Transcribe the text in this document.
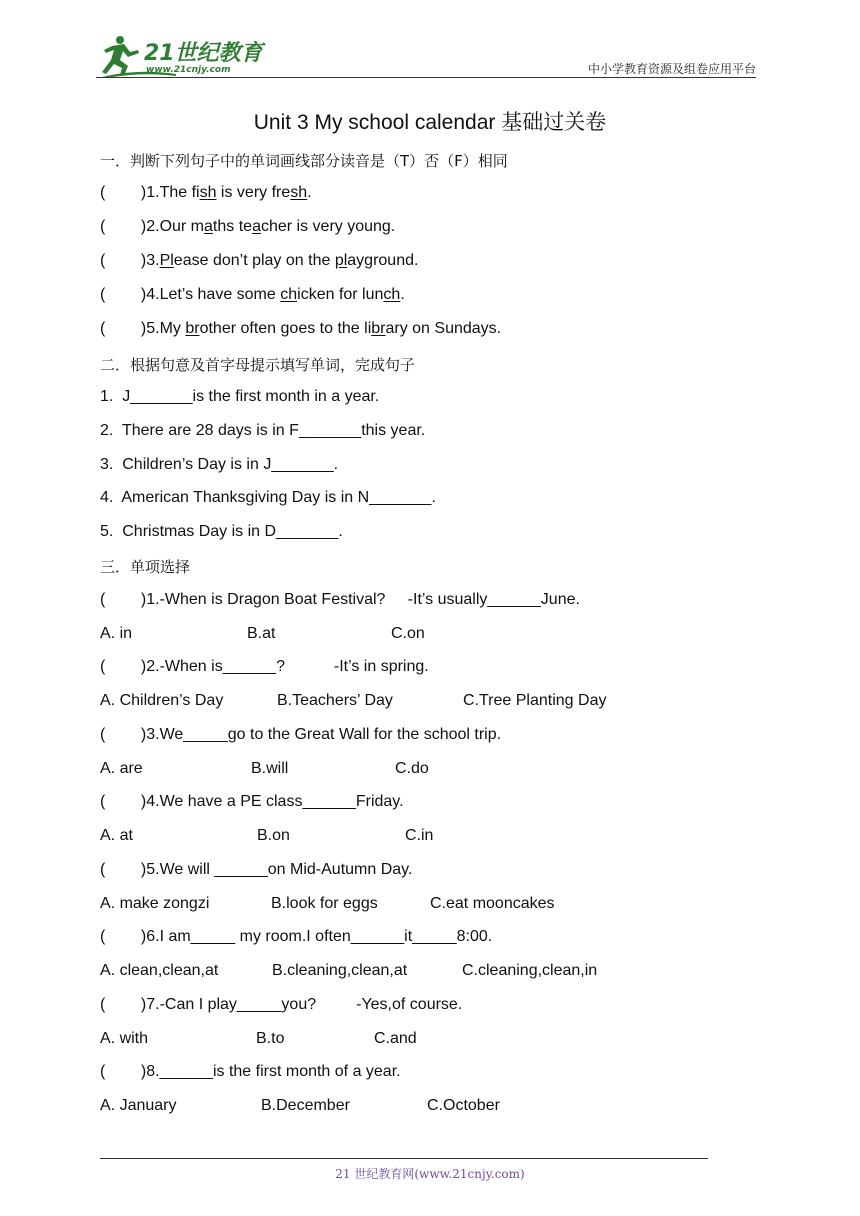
21世纪教育
www.21cnjy.com	中小学教育资源及组卷应用平台
Unit 3 My school calendar 基础过关卷
一．判断下列句子中的单词画线部分读音是（T）否（F）相同
(        )1.The fish is very fresh.
(        )2.Our maths teacher is very young.
(        )3.Please don’t play on the playground.
(        )4.Let’s have some chicken for lunch.
(        )5.My brother often goes to the library on Sundays.
二．根据句意及首字母提示填写单词，完成句子
1.  J_______is the first month in a year.
2.  There are 28 days is in F_______this year.
3.  Children’s Day is in J_______.
4.  American Thanksgiving Day is in N_______.
5.  Christmas Day is in D_______.
三．单项选择
(        )1.-When is Dragon Boat Festival?     -It’s usually______June.
A. in	B.at	C.on
(        )2.-When is______?           -It’s in spring.
A. Children’s Day	B.Teachers’ Day	C.Tree Planting Day
(        )3.We_____go to the Great Wall for the school trip.
A. are	B.will	C.do
(        )4.We have a PE class______Friday.
A. at	B.on	C.in
(        )5.We will ______on Mid-Autumn Day.
A. make zongzi	B.look for eggs	C.eat mooncakes
(        )6.I am_____ my room.I often______it_____8:00.
A. clean,clean,at	B.cleaning,clean,at	C.cleaning,clean,in
(        )7.-Can I play_____you?         -Yes,of course.
A. with	B.to	C.and
(        )8.______is the first month of a year.
A. January	B.December	C.October
21 世纪教育网(www.21cnjy.com)
